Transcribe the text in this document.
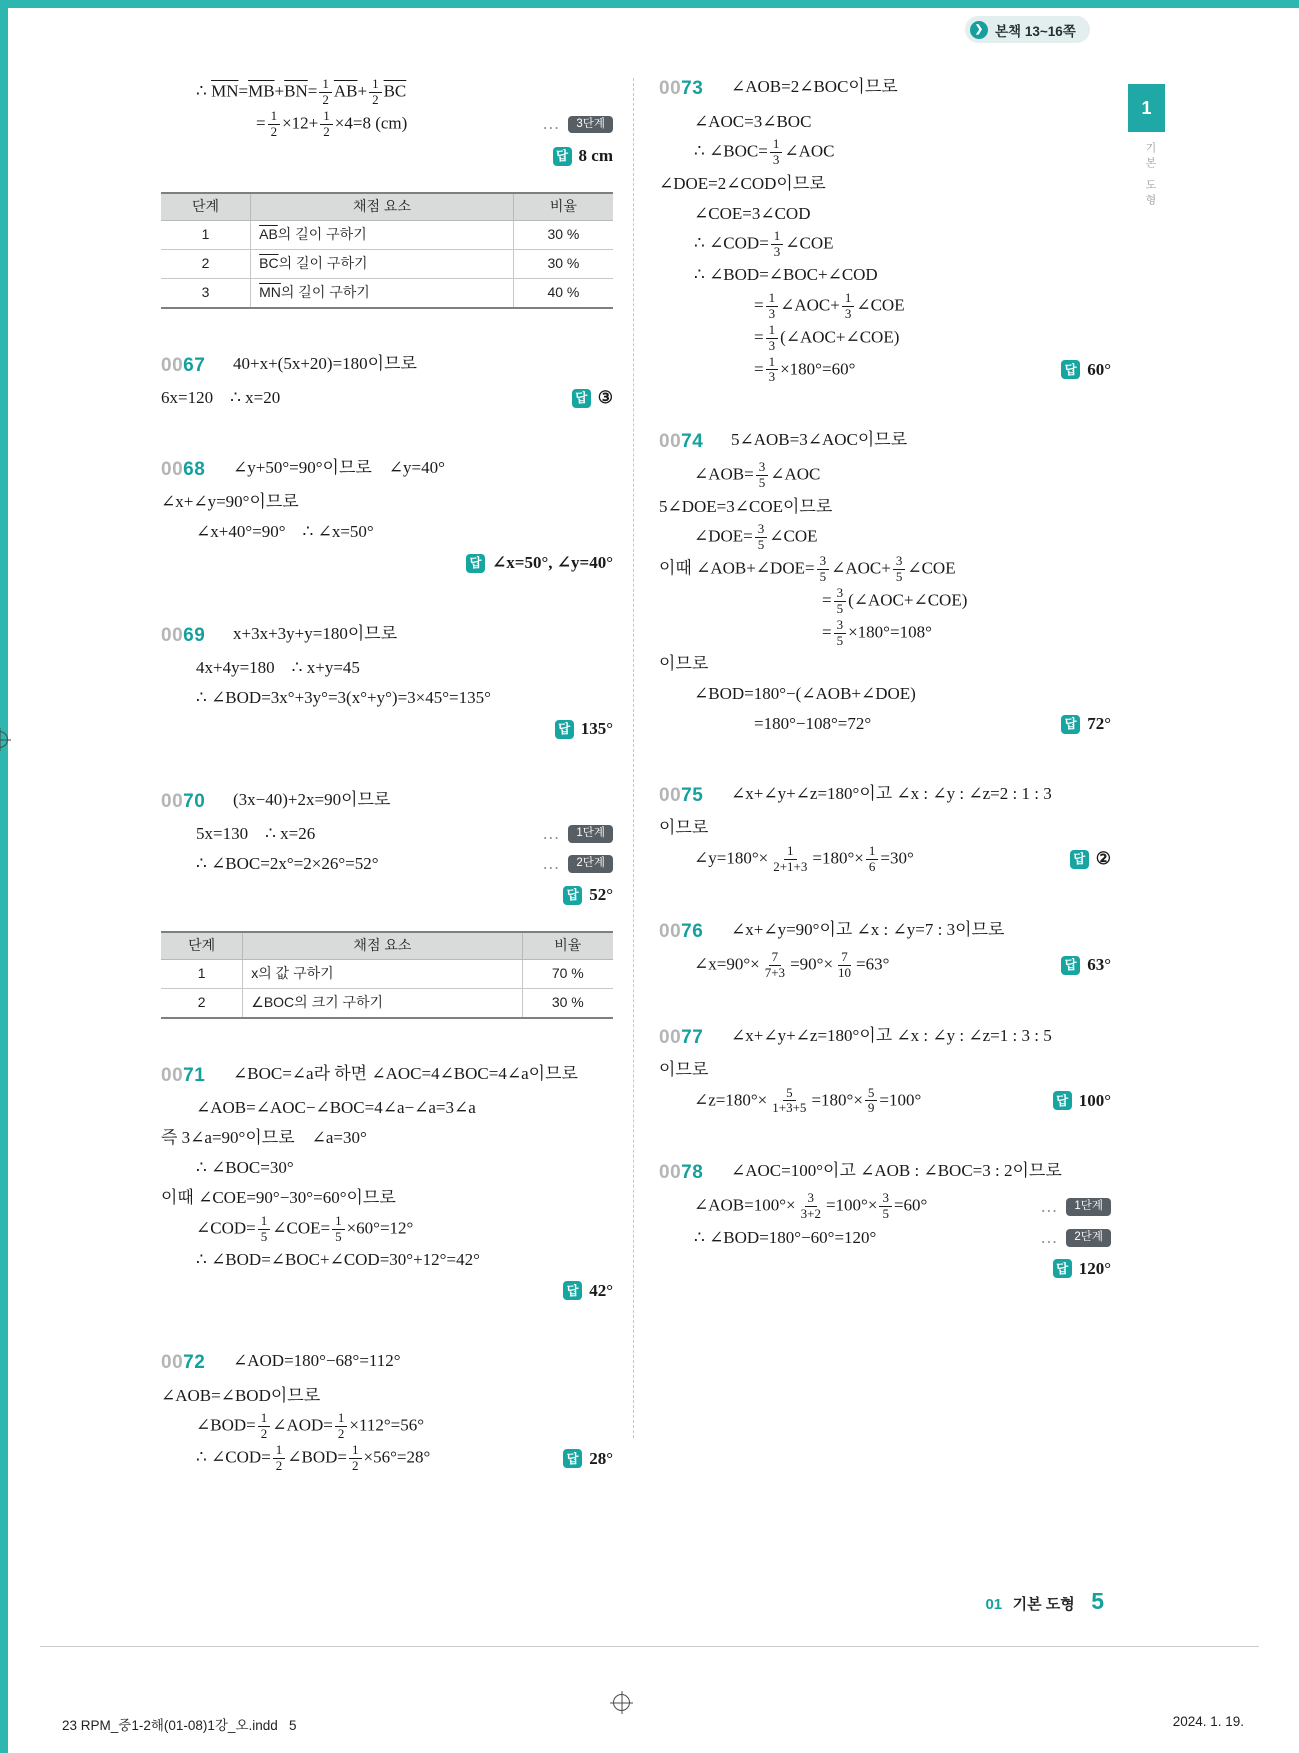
❯ 본책 13~16쪽
1
기본 도형
∴ $\overline{MN}=\overline{MB}+\overline{BN}= \frac{1}{2} \overline{AB}+ \frac{1}{2} \overline{BC}$
= $\frac{1}{2} \times 12+ \frac{1}{2} \times 4=8$ (cm)	…	3단계
답 8 cm
단계	채점 요소	비율
1	$\overline{AB}$의 길이 구하기	30 %
2	$\overline{BC}$의 길이 구하기	30 %
3	$\overline{MN}$의 길이 구하기	40 %
0067	40+x+(5x+20)=180이므로
6x=120    ∴ x=20	답 ③
0068	∠y+50°=90°이므로    ∠y=40°
∠x+∠y=90°이므로
∠x+40°=90°    ∴ ∠x=50°
답 ∠x=50°, ∠y=40°
0069	x+3x+3y+y=180이므로
4x+4y=180    ∴ x+y=45
∴ ∠BOD=3x°+3y°=3(x°+y°)=3×45°=135°
답 135°
0070	(3x−40)+2x=90이므로
5x=130    ∴ x=26	…	1단계
∴ ∠BOC=2x°=2×26°=52°	…	2단계
답 52°
단계	채점 요소	비율
1	x의 값 구하기	70 %
2	∠BOC의 크기 구하기	30 %
0071	∠BOC=∠a라 하면 ∠AOC=4∠BOC=4∠a이므로
∠AOB=∠AOC−∠BOC=4∠a−∠a=3∠a
즉 3∠a=90°이므로    ∠a=30°
∴ ∠BOC=30°
이때 ∠COE=90°−30°=60°이므로
∠COD= $\frac{1}{5}$ ∠COE= $\frac{1}{5} \times 60^\circ=12^\circ$
∴ ∠BOD=∠BOC+∠COD=30°+12°=42°
답 42°
0072	∠AOD=180°−68°=112°
∠AOB=∠BOD이므로
∠BOD= $\frac{1}{2}$ ∠AOD= $\frac{1}{2} \times 112^\circ=56^\circ$
∴ ∠COD= $\frac{1}{2}$ ∠BOD= $\frac{1}{2} \times 56^\circ=28^\circ$	답 28°
0073	∠AOB=2∠BOC이므로
∠AOC=3∠BOC
∴ ∠BOC= $\frac{1}{3}$ ∠AOC
∠DOE=2∠COD이므로
∠COE=3∠COD
∴ ∠COD= $\frac{1}{3}$ ∠COE
∴ ∠BOD=∠BOC+∠COD
= $\frac{1}{3}$ ∠AOC+ $\frac{1}{3}$ ∠COE
= $\frac{1}{3}$ (∠AOC+∠COE)
= $\frac{1}{3} \times 180^\circ=60^\circ$	답 60°
0074	5∠AOB=3∠AOC이므로
∠AOB= $\frac{3}{5}$ ∠AOC
5∠DOE=3∠COE이므로
∠DOE= $\frac{3}{5}$ ∠COE
이때 ∠AOB+∠DOE= $\frac{3}{5}$ ∠AOC+ $\frac{3}{5}$ ∠COE
= $\frac{3}{5}$ (∠AOC+∠COE)
= $\frac{3}{5} \times 180^\circ=108^\circ$
이므로
∠BOD=180°−(∠AOB+∠DOE)
=180°−108°=72°	답 72°
0075	∠x+∠y+∠z=180°이고 ∠x : ∠y : ∠z=2 : 1 : 3
이므로
∠y=180°× $\frac{1}{2+1+3} =180^\circ\times \frac{1}{6} =30^\circ$	답 ②
0076	∠x+∠y=90°이고 ∠x : ∠y=7 : 3이므로
∠x=90°× $\frac{7}{7+3} =90^\circ\times \frac{7}{10} =63^\circ$	답 63°
0077	∠x+∠y+∠z=180°이고 ∠x : ∠y : ∠z=1 : 3 : 5
이므로
∠z=180°× $\frac{5}{1+3+5} =180^\circ\times \frac{5}{9} =100^\circ$	답 100°
0078	∠AOC=100°이고 ∠AOB : ∠BOC=3 : 2이므로
∠AOB=100°× $\frac{3}{3+2} =100^\circ\times \frac{3}{5} =60^\circ$	…	1단계
∴ ∠BOD=180°−60°=120°	…	2단계
답 120°
01 기본 도형 5
23 RPM_중1-2해(01-08)1강_오.indd   5	2024. 1. 19.
